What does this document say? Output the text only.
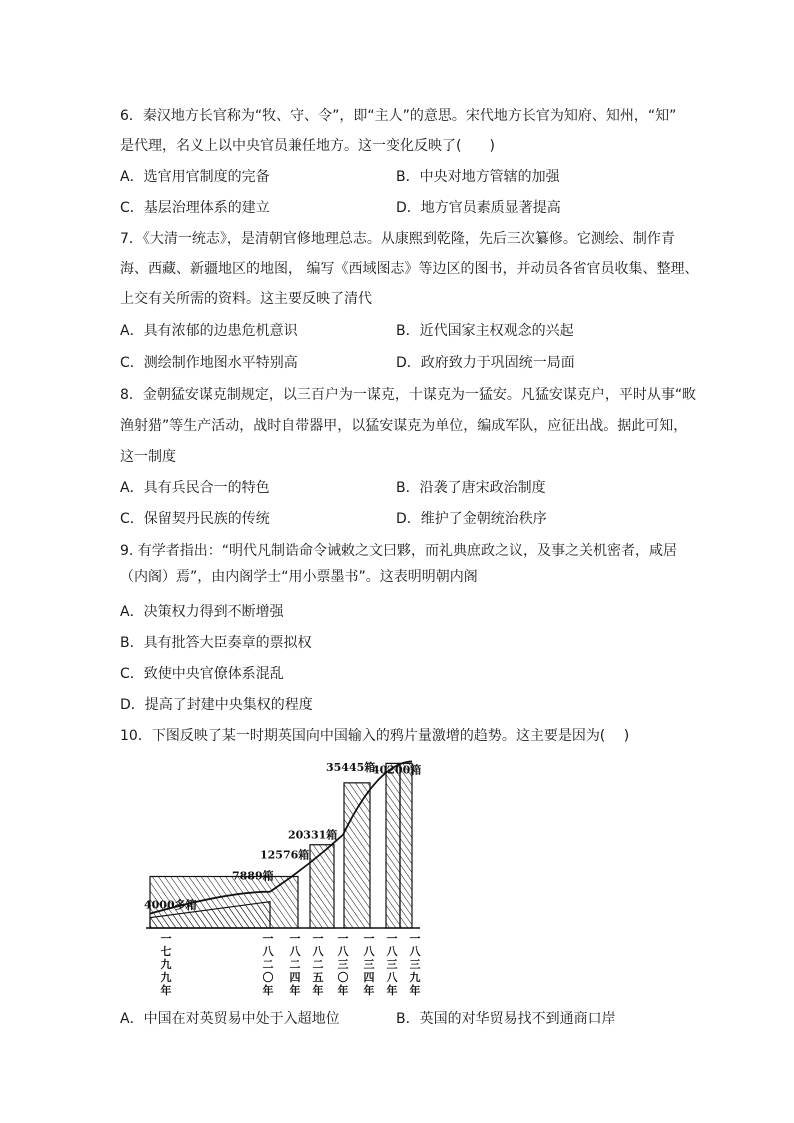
6．秦汉地方长官称为“牧、守、令”，即“主人”的意思。宋代地方长官为知府、知州，“知”
是代理，名义上以中央官员兼任地方。这一变化反映了(　　)
A．选官用官制度的完备	B．中央对地方管辖的加强
C．基层治理体系的建立	D．地方官员素质显著提高
7．《大清一统志》，是清朝官修地理总志。从康熙到乾隆，先后三次纂修。它测绘、制作青
海、西藏、新疆地区的地图， 编写《西域图志》等边区的图书，并动员各省官员收集、整理、
上交有关所需的资料。这主要反映了清代
A．具有浓郁的边患危机意识	B．近代国家主权观念的兴起
C．测绘制作地图水平特别高	D．政府致力于巩固统一局面
8．金朝猛安谋克制规定，以三百户为一谋克，十谋克为一猛安。凡猛安谋克户，平时从事“畋
渔射猎”等生产活动，战时自带器甲，以猛安谋克为单位，编成军队，应征出战。据此可知，
这一制度
A．具有兵民合一的特色	B．沿袭了唐宋政治制度
C．保留契丹民族的传统	D．维护了金朝统治秩序
9. 有学者指出：“明代凡制诰命令诫敕之文曰夥，而礼典庶政之议，及事之关机密者，咸居
（内阁）焉”，由内阁学士“用小票墨书”。这表明明朝内阁
A．决策权力得到不断增强
B．具有批答大臣奏章的票拟权
C．致使中央官僚体系混乱
D．提高了封建中央集权的程度
10．下图反映了某一时期英国向中国输入的鸦片量激增的趋势。这主要是因为(　 )
4000多箱
7889箱
12576箱
20331箱
35445箱
40200箱
一七九九年
一八二〇年
一八二四年
一八二五年
一八三〇年
一八三四年
一八三八年
一八三九年
A．中国在对英贸易中处于入超地位	B．英国的对华贸易找不到通商口岸
